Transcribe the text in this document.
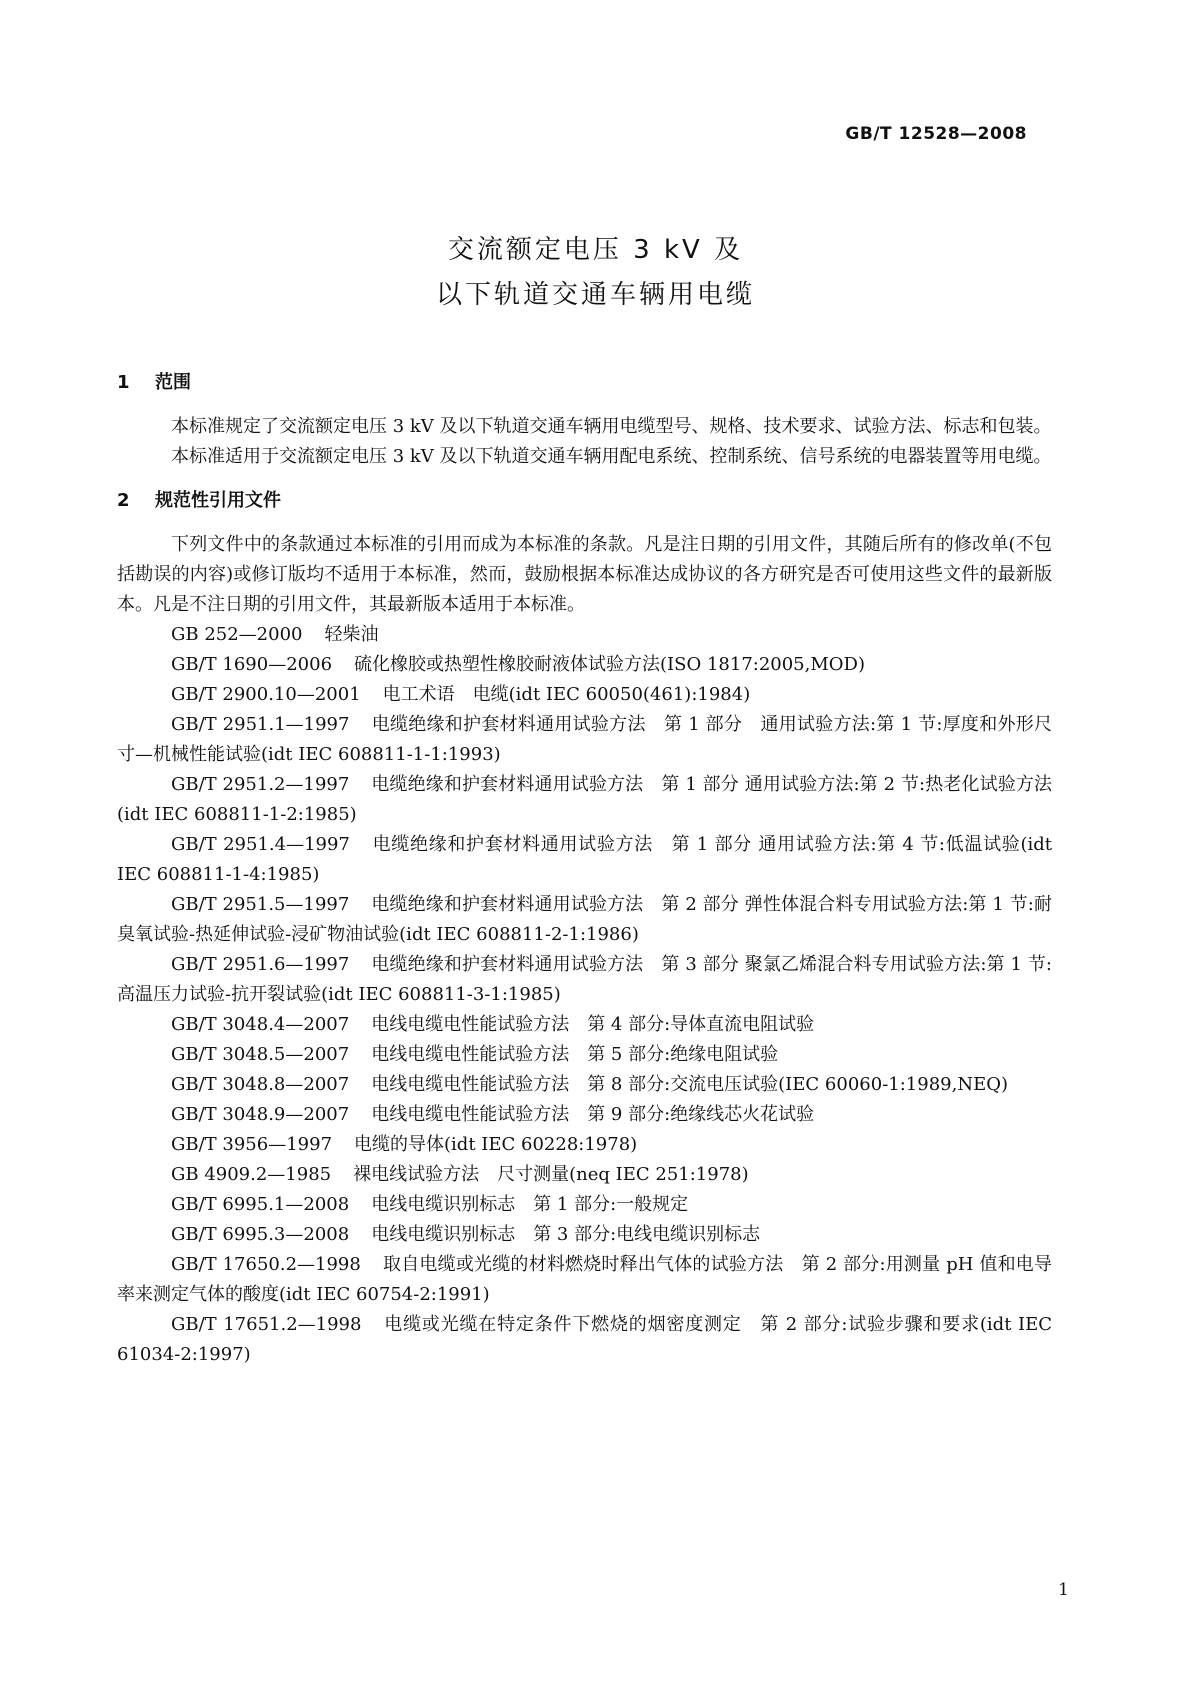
GB/T 12528—2008
交流额定电压 3 kV 及
以下轨道交通车辆用电缆
1 范围

本标准规定了交流额定电压 3 kV 及以下轨道交通车辆用电缆型号、规格、技术要求、试验方法、标志和包装。

本标准适用于交流额定电压 3 kV 及以下轨道交通车辆用配电系统、控制系统、信号系统的电器装置等用电缆。

2 规范性引用文件

下列文件中的条款通过本标准的引用而成为本标准的条款。凡是注日期的引用文件，其随后所有的修改单(不包括勘误的内容)或修订版均不适用于本标准，然而，鼓励根据本标准达成协议的各方研究是否可使用这些文件的最新版本。凡是不注日期的引用文件，其最新版本适用于本标准。

GB 252—2000 轻柴油
GB/T 1690—2006 硫化橡胶或热塑性橡胶耐液体试验方法(ISO 1817:2005,MOD)
GB/T 2900.10—2001 电工术语　电缆(idt IEC 60050(461):1984)
GB/T 2951.1—1997 电缆绝缘和护套材料通用试验方法　第 1 部分　通用试验方法:第 1 节:厚度和外形尺寸—机械性能试验(idt IEC 608811-1-1:1993)
GB/T 2951.2—1997 电缆绝缘和护套材料通用试验方法　第 1 部分 通用试验方法:第 2 节:热老化试验方法(idt IEC 608811-1-2:1985)
GB/T 2951.4—1997 电缆绝缘和护套材料通用试验方法　第 1 部分 通用试验方法:第 4 节:低温试验(idt IEC 608811-1-4:1985)
GB/T 2951.5—1997 电缆绝缘和护套材料通用试验方法　第 2 部分 弹性体混合料专用试验方法:第 1 节:耐臭氧试验-热延伸试验-浸矿物油试验(idt IEC 608811-2-1:1986)
GB/T 2951.6—1997 电缆绝缘和护套材料通用试验方法　第 3 部分 聚氯乙烯混合料专用试验方法:第 1 节:高温压力试验-抗开裂试验(idt IEC 608811-3-1:1985)
GB/T 3048.4—2007 电线电缆电性能试验方法　第 4 部分:导体直流电阻试验
GB/T 3048.5—2007 电线电缆电性能试验方法　第 5 部分:绝缘电阻试验
GB/T 3048.8—2007 电线电缆电性能试验方法　第 8 部分:交流电压试验(IEC 60060-1:1989,NEQ)
GB/T 3048.9—2007 电线电缆电性能试验方法　第 9 部分:绝缘线芯火花试验
GB/T 3956—1997 电缆的导体(idt IEC 60228:1978)
GB 4909.2—1985 裸电线试验方法　尺寸测量(neq IEC 251:1978)
GB/T 6995.1—2008 电线电缆识别标志　第 1 部分:一般规定
GB/T 6995.3—2008 电线电缆识别标志　第 3 部分:电线电缆识别标志
GB/T 17650.2—1998 取自电缆或光缆的材料燃烧时释出气体的试验方法　第 2 部分:用测量 pH 值和电导率来测定气体的酸度(idt IEC 60754-2:1991)
GB/T 17651.2—1998 电缆或光缆在特定条件下燃烧的烟密度测定　第 2 部分:试验步骤和要求(idt IEC 61034-2:1997)
1
